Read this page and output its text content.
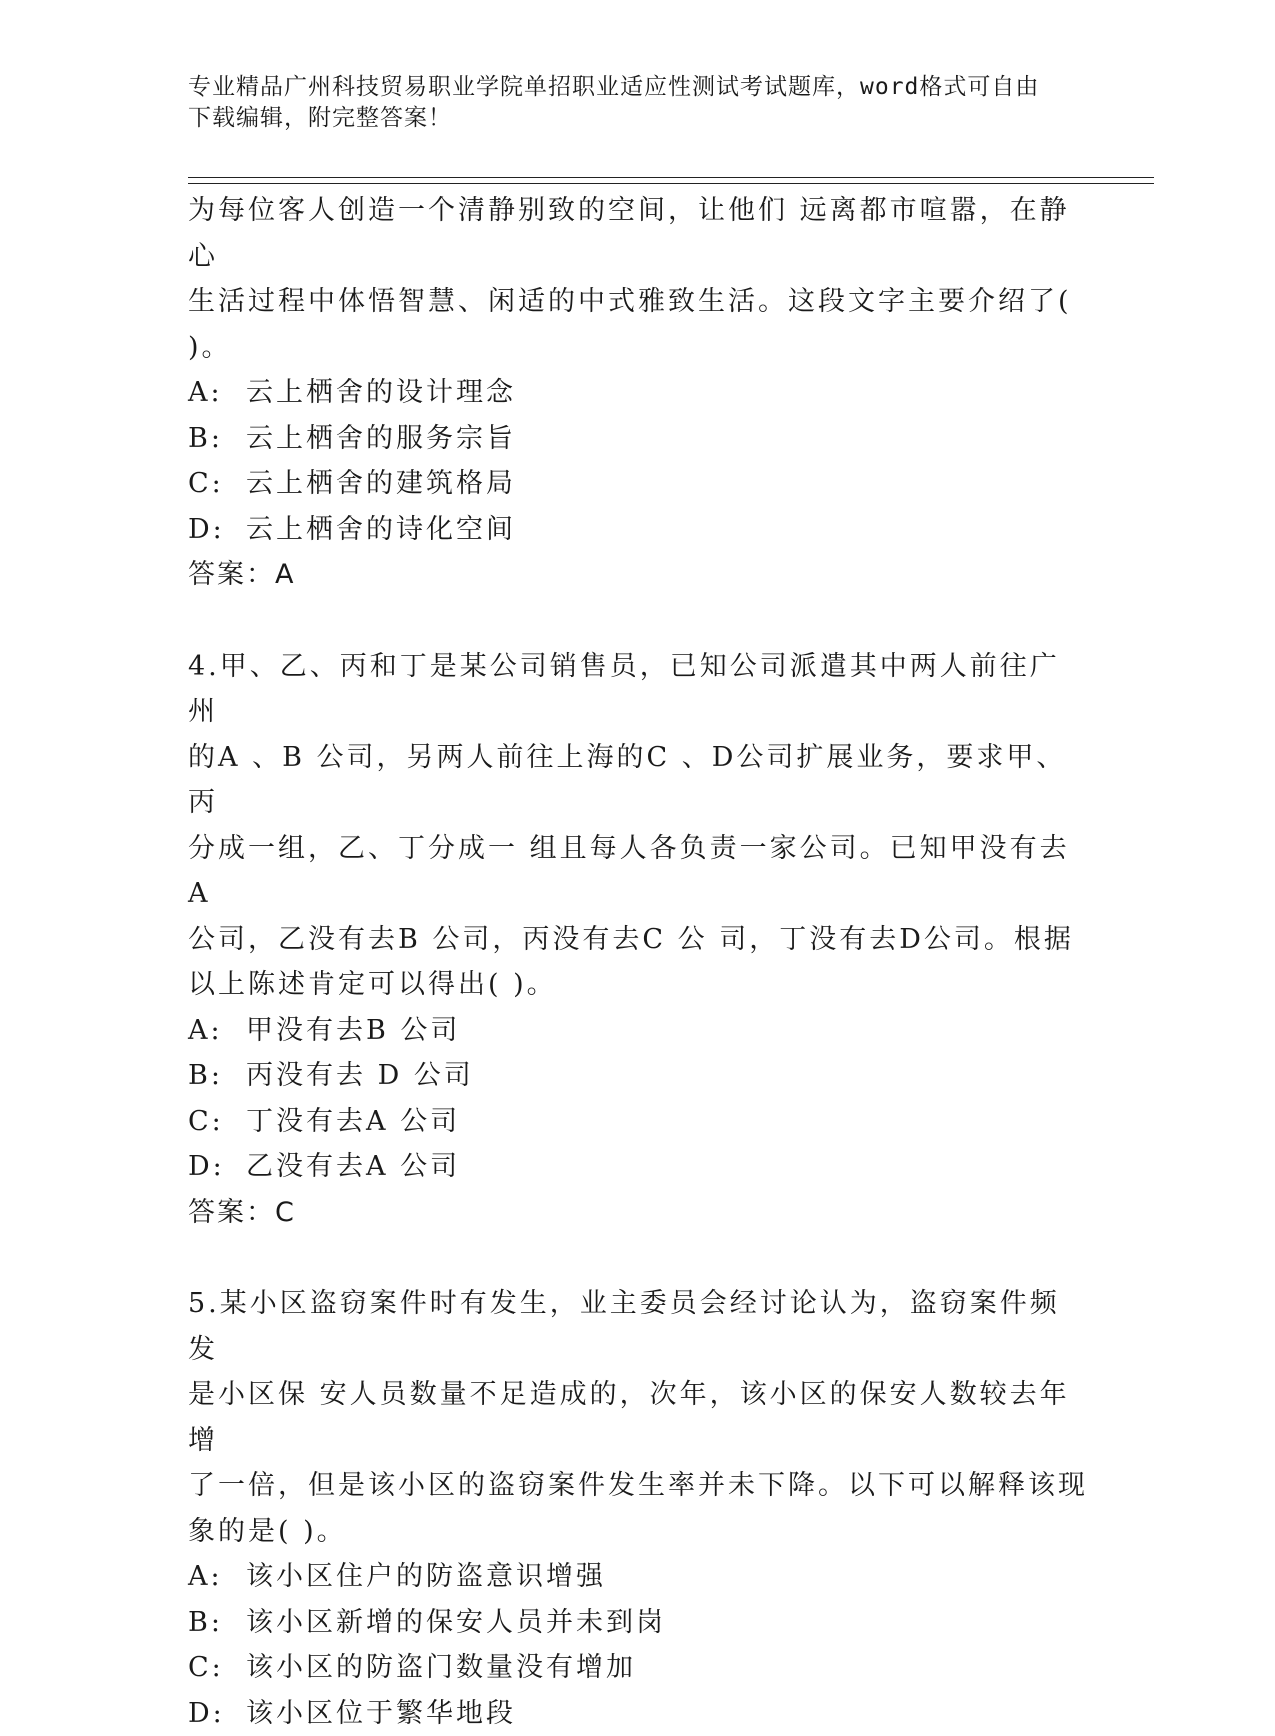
专业精品广州科技贸易职业学院单招职业适应性测试考试题库，word格式可自由
下载编辑，附完整答案！

为每位客人创造一个清静别致的空间，让他们 远离都市喧嚣，在静心

生活过程中体悟智慧、闲适的中式雅致生活。这段文字主要介绍了(

)。

A: 云上栖舍的设计理念
B: 云上栖舍的服务宗旨
C: 云上栖舍的建筑格局
D: 云上栖舍的诗化空间

答案：A

4.甲、乙、丙和丁是某公司销售员，已知公司派遣其中两人前往广州

的A 、B 公司，另两人前往上海的C 、D公司扩展业务，要求甲、丙

分成一组，乙、丁分成一 组且每人各负责一家公司。已知甲没有去A

公司，乙没有去B 公司，丙没有去C 公 司，丁没有去D公司。根据

以上陈述肯定可以得出( )。

A: 甲没有去B 公司
B: 丙没有去 D 公司
C: 丁没有去A 公司
D: 乙没有去A 公司

答案：C

5.某小区盗窃案件时有发生，业主委员会经讨论认为，盗窃案件频发

是小区保 安人员数量不足造成的，次年，该小区的保安人数较去年增

了一倍，但是该小区的盗窃案件发生率并未下降。以下可以解释该现

象的是( )。

A: 该小区住户的防盗意识增强
B: 该小区新增的保安人员并未到岗
C: 该小区的防盗门数量没有增加
D: 该小区位于繁华地段
